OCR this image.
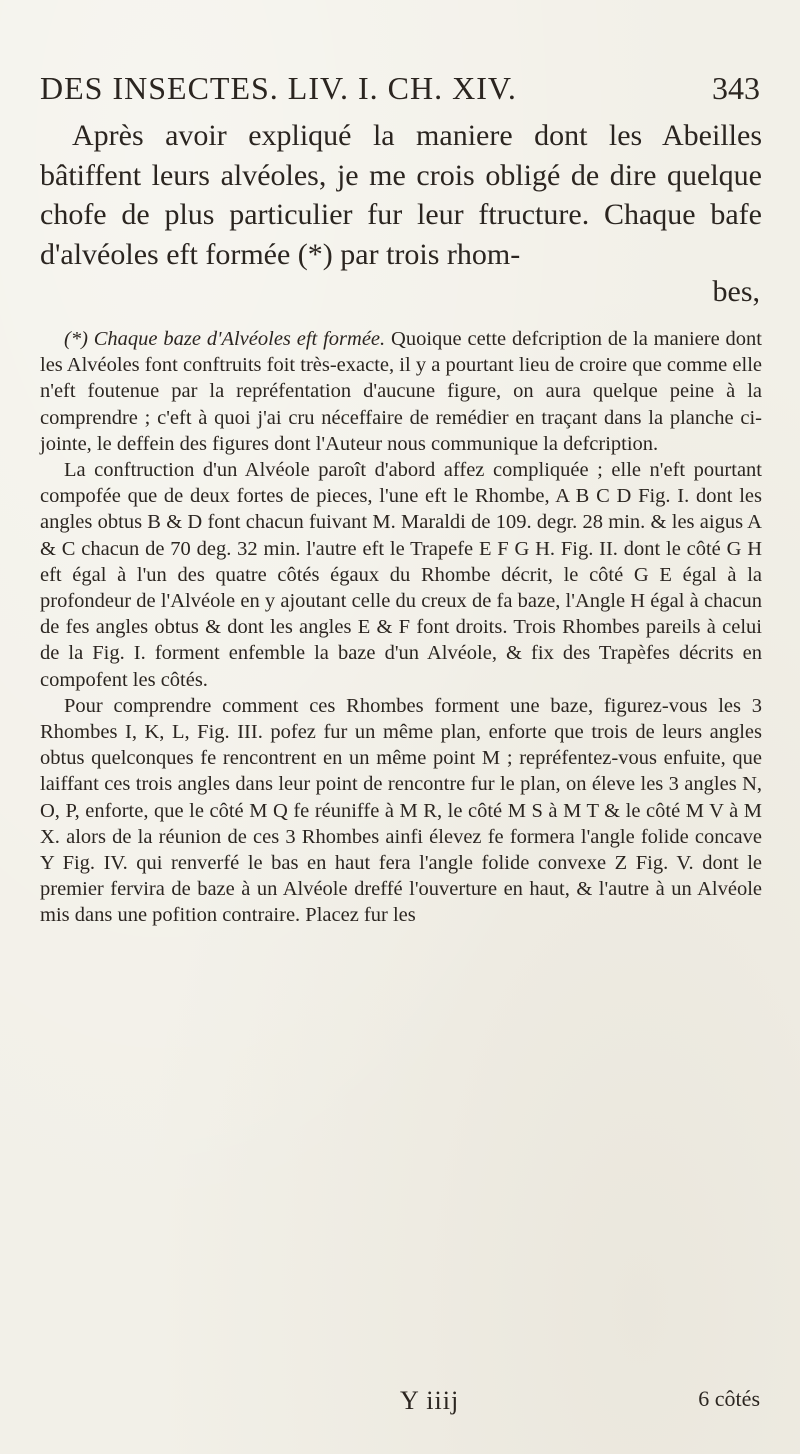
DES INSECTES. LIV. I. CH. XIV.	343

Après avoir expliqué la maniere dont les Abeilles bâtiffent leurs alvéoles, je me crois obligé de dire quelque chofe de plus particulier fur leur ftructure. Chaque bafe d'alvéoles eft formée (*) par trois rhom-

bes,

(*) Chaque baze d'Alvéoles eft formée. Quoique cette defcription de la maniere dont les Alvéoles font conftruits foit très-exacte, il y a pourtant lieu de croire que comme elle n'eft foutenue par la repréfentation d'aucune figure, on aura quelque peine à la comprendre ; c'eft à quoi j'ai cru néceffaire de remédier en traçant dans la planche ci-jointe, le deffein des figures dont l'Auteur nous communique la defcription.

La conftruction d'un Alvéole paroît d'abord affez compliquée ; elle n'eft pourtant compofée que de deux fortes de pieces, l'une eft le Rhombe, A B C D Fig. I. dont les angles obtus B & D font chacun fuivant M. Maraldi de 109. degr. 28 min. & les aigus A & C chacun de 70 deg. 32 min. l'autre eft le Trapefe E F G H. Fig. II. dont le côté G H eft égal à l'un des quatre côtés égaux du Rhombe décrit, le côté G E égal à la profondeur de l'Alvéole en y ajoutant celle du creux de fa baze, l'Angle H égal à chacun de fes angles obtus & dont les angles E & F font droits. Trois Rhombes pareils à celui de la Fig. I. forment enfemble la baze d'un Alvéole, & fix des Trapèfes décrits en compofent les côtés.

Pour comprendre comment ces Rhombes forment une baze, figurez-vous les 3 Rhombes I, K, L, Fig. III. pofez fur un même plan, enforte que trois de leurs angles obtus quelconques fe rencontrent en un même point M ; repréfentez-vous enfuite, que laiffant ces trois angles dans leur point de rencontre fur le plan, on éleve les 3 angles N, O, P, enforte, que le côté M Q fe réuniffe à M R, le côté M S à M T & le côté M V à M X. alors de la réunion de ces 3 Rhombes ainfi élevez fe formera l'angle folide concave Y Fig. IV. qui renverfé le bas en haut fera l'angle folide convexe Z Fig. V. dont le premier fervira de baze à un Alvéole dreffé l'ouverture en haut, & l'autre à un Alvéole mis dans une pofition contraire. Placez fur les

Y iiij	6 côtés
